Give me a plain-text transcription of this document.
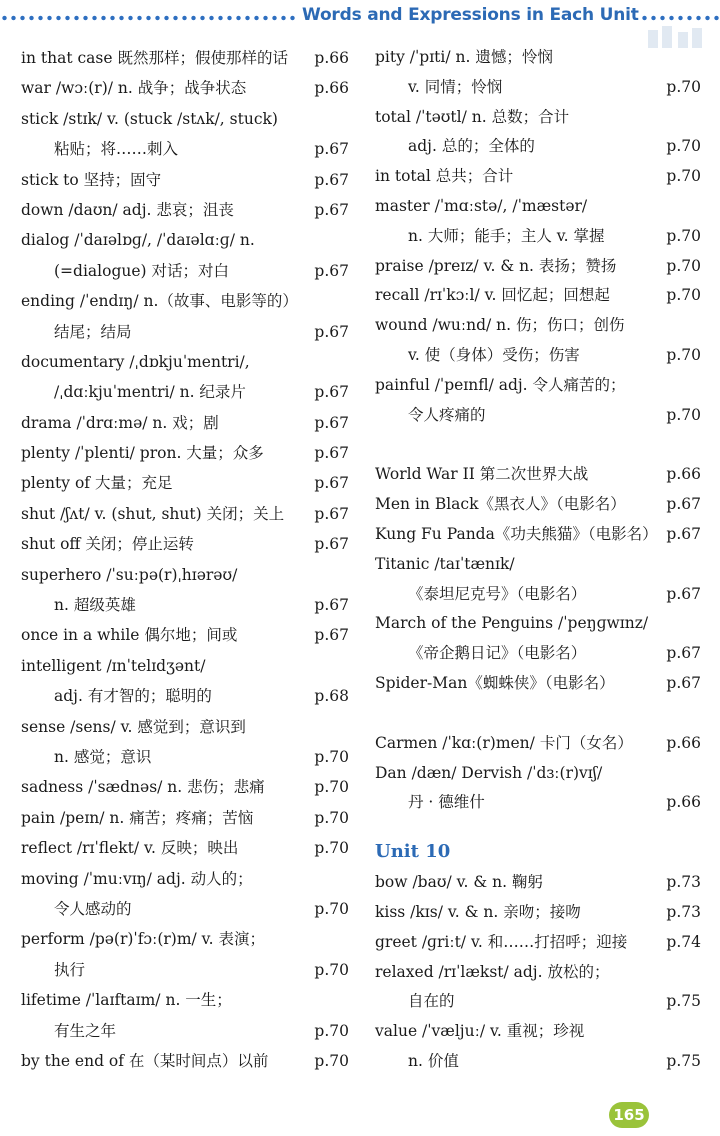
Words and Expressions in Each Unit
in that case 既然那样；假使那样的话 p.66
war /wɔː(r)/ n. 战争；战争状态	p.66
stick /stɪk/ v. (stuck /stʌk/, stuck)
粘贴；将……刺入	p.67
stick to 坚持；固守	p.67
down /daʊn/ adj. 悲哀；沮丧	p.67
dialog /ˈdaɪəlɒɡ/, /ˈdaɪəlɑːɡ/ n.
(=dialogue) 对话；对白	p.67
ending /ˈendɪŋ/ n.（故事、电影等的）
结尾；结局	p.67
documentary /ˌdɒkjuˈmentri/,
/ˌdɑːkjuˈmentri/ n. 纪录片	p.67
drama /ˈdrɑːmə/ n. 戏；剧	p.67
plenty /ˈplenti/ pron. 大量；众多	p.67
plenty of 大量；充足	p.67
shut /ʃʌt/ v. (shut, shut) 关闭；关上 p.67
shut off 关闭；停止运转	p.67
superhero /ˈsuːpə(r)ˌhɪərəʊ/
n. 超级英雄	p.67
once in a while 偶尔地；间或	p.67
intelligent /ɪnˈtelɪdʒənt/
adj. 有才智的；聪明的	p.68
sense /sens/ v. 感觉到；意识到
n. 感觉；意识	p.70
sadness /ˈsædnəs/ n. 悲伤；悲痛	p.70
pain /peɪn/ n. 痛苦；疼痛；苦恼	p.70
reflect /rɪˈflekt/ v. 反映；映出	p.70
moving /ˈmuːvɪŋ/ adj. 动人的；
令人感动的	p.70
perform /pə(r)ˈfɔː(r)m/ v. 表演；
执行	p.70
lifetime /ˈlaɪftaɪm/ n. 一生；
有生之年	p.70
by the end of 在（某时间点）以前	p.70
pity /ˈpɪti/ n. 遗憾；怜悯
v. 同情；怜悯	p.70
total /ˈtəʊtl/ n. 总数；合计
adj. 总的；全体的	p.70
in total 总共；合计	p.70
master /ˈmɑːstə/, /ˈmæstər/
n. 大师；能手；主人 v. 掌握	p.70
praise /preɪz/ v. & n. 表扬；赞扬	p.70
recall /rɪˈkɔːl/ v. 回忆起；回想起	p.70
wound /wuːnd/ n. 伤；伤口；创伤
v. 使（身体）受伤；伤害	p.70
painful /ˈpeɪnfl/ adj. 令人痛苦的；
令人疼痛的	p.70
World War II 第二次世界大战	p.66
Men in Black《黑衣人》（电影名）	p.67
Kung Fu Panda《功夫熊猫》（电影名） p.67
Titanic /taɪˈtænɪk/
《泰坦尼克号》（电影名）	p.67
March of the Penguins /ˈpeŋɡwɪnz/
《帝企鹅日记》（电影名）	p.67
Spider-Man《蜘蛛侠》（电影名）	p.67
Carmen /ˈkɑː(r)men/ 卡门（女名） p.66
Dan /dæn/ Dervish /ˈdɜː(r)vɪʃ/
丹 · 德维什	p.66
Unit 10
bow /baʊ/ v. & n. 鞠躬	p.73
kiss /kɪs/ v. & n. 亲吻；接吻	p.73
greet /ɡriːt/ v. 和……打招呼；迎接	p.74
relaxed /rɪˈlækst/ adj. 放松的；
自在的	p.75
value /ˈvæljuː/ v. 重视；珍视
n. 价值	p.75
165
